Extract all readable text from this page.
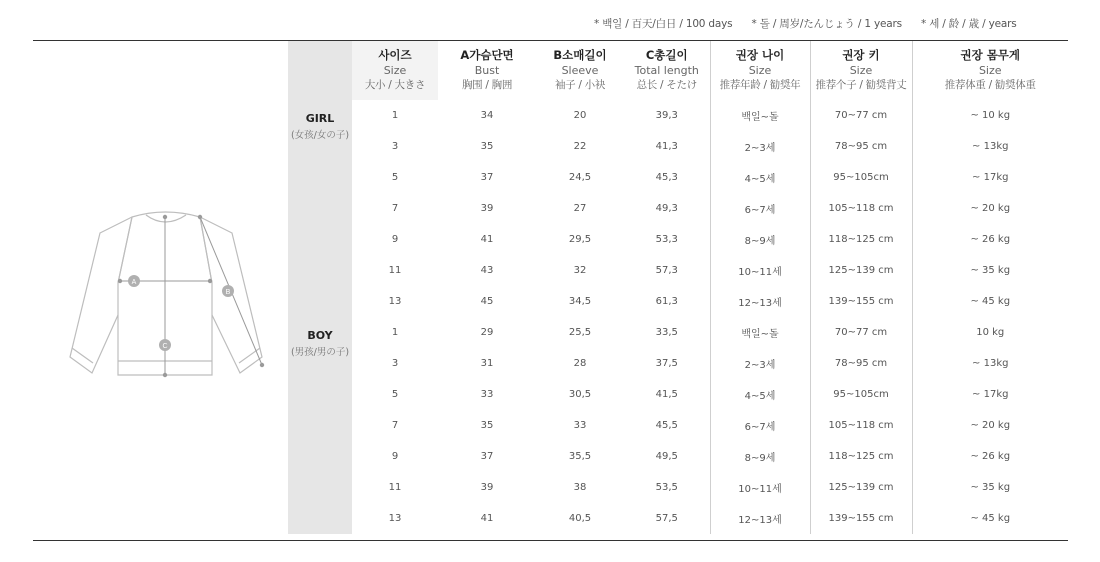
* 백일 / 百天/白日 / 100 days * 돌 / 周岁/たんじょう / 1 years * 세 / 龄 / 歳 / years
A
B
C

	사이즈
Size
大小 / 大きさ	A가슴단면
Bust
胸围 / 胸囲	B소매길이
Sleeve
袖子 / 小袂	C총길이
Total length
总长 / そたけ	권장 나이
Size
推荐年龄 / 勧奨年	권장 키
Size
推荐个子 / 勧奨背丈	권장 몸무게
Size
推荐体重 / 勧奨体重

GIRL
(女孩/女の子)	1	34	20	39,3	백일~돌	70~77 cm	~ 10 kg
	3	35	22	41,3	2~3세	78~95 cm	~ 13kg
	5	37	24,5	45,3	4~5세	95~105cm	~ 17kg
	7	39	27	49,3	6~7세	105~118 cm	~ 20 kg
	9	41	29,5	53,3	8~9세	118~125 cm	~ 26 kg
	11	43	32	57,3	10~11세	125~139 cm	~ 35 kg
	13	45	34,5	61,3	12~13세	139~155 cm	~ 45 kg

BOY
(男孩/男の子)	1	29	25,5	33,5	백일~돌	70~77 cm	10 kg
	3	31	28	37,5	2~3세	78~95 cm	~ 13kg
	5	33	30,5	41,5	4~5세	95~105cm	~ 17kg
	7	35	33	45,5	6~7세	105~118 cm	~ 20 kg
	9	37	35,5	49,5	8~9세	118~125 cm	~ 26 kg
	11	39	38	53,5	10~11세	125~139 cm	~ 35 kg
	13	41	40,5	57,5	12~13세	139~155 cm	~ 45 kg
